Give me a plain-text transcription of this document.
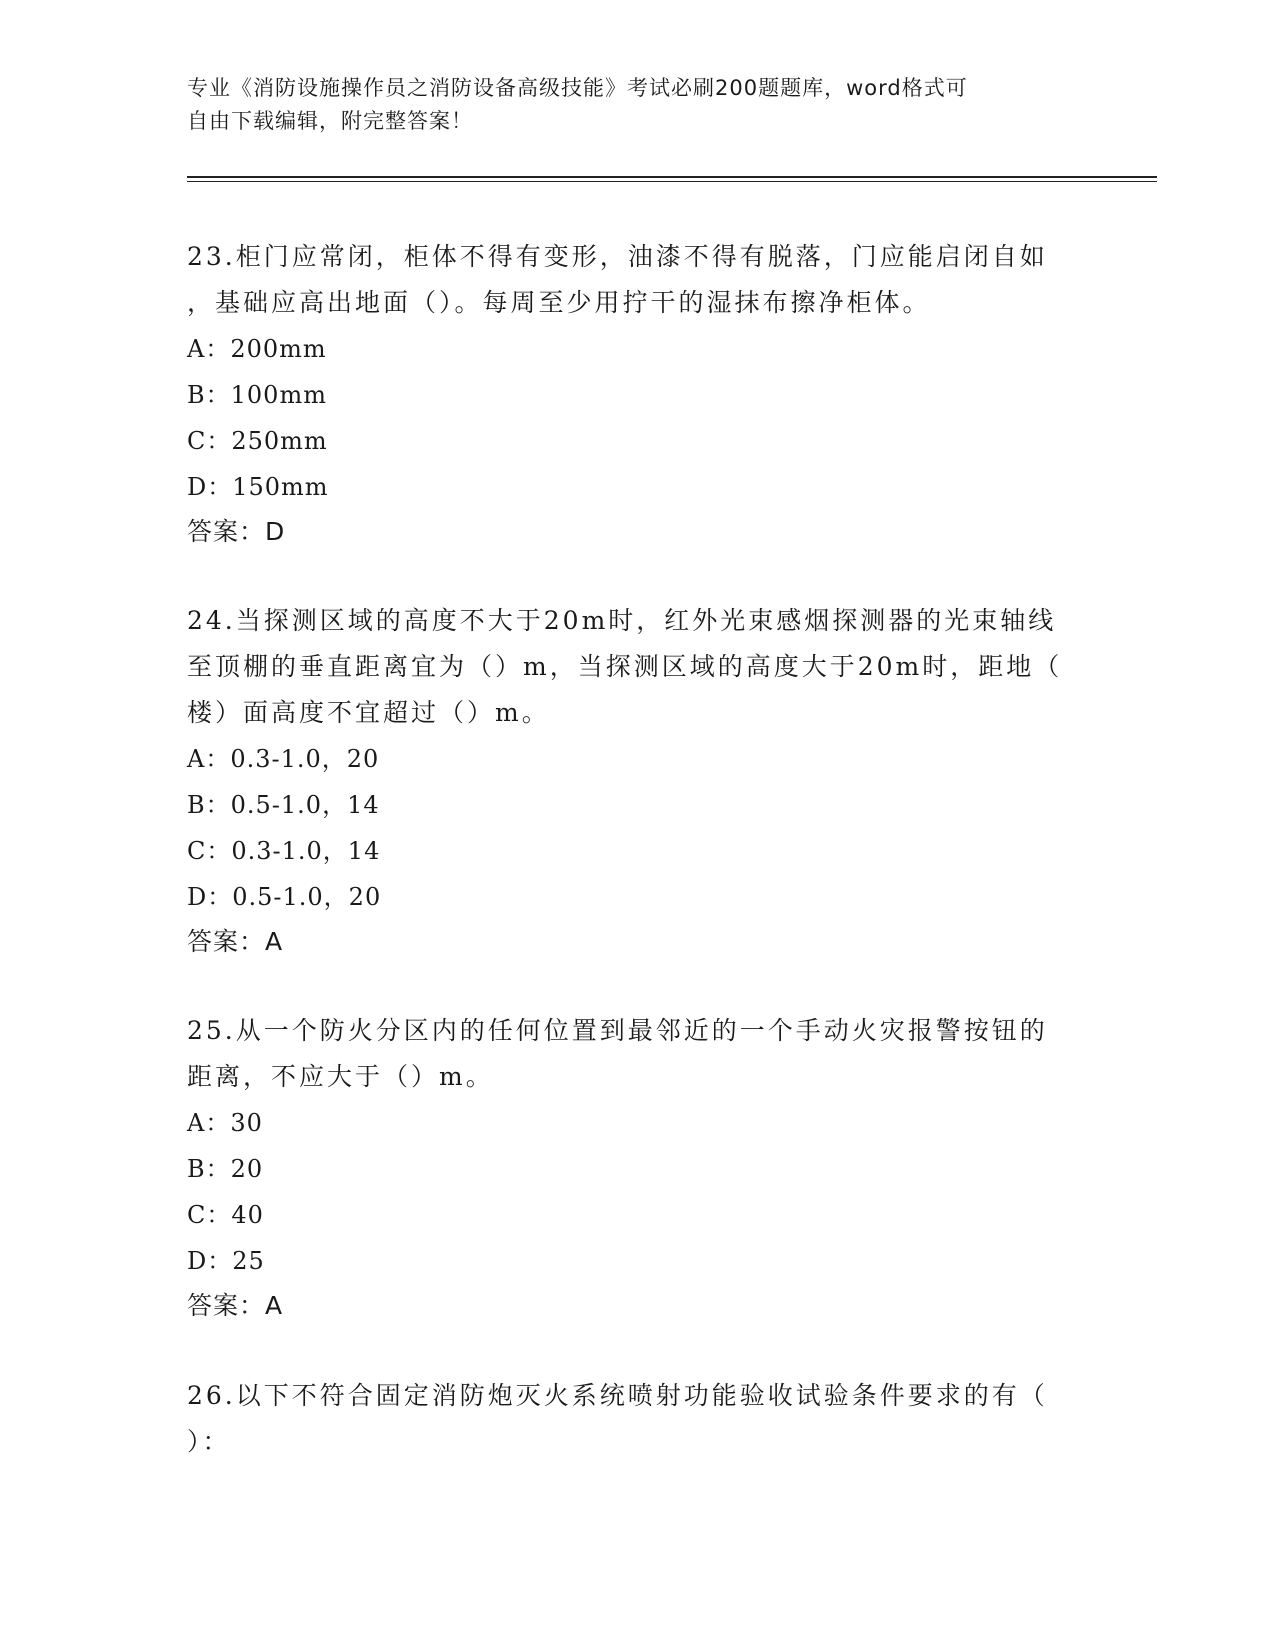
专业《消防设施操作员之消防设备高级技能》考试必刷200题题库，word格式可
自由下载编辑，附完整答案！

23.柜门应常闭，柜体不得有变形，油漆不得有脱落，门应能启闭自如

，基础应高出地面（）。每周至少用拧干的湿抹布擦净柜体。

A：200mm

B：100mm

C：250mm

D：150mm

答案：D

24.当探测区域的高度不大于20m时，红外光束感烟探测器的光束轴线

至顶棚的垂直距离宜为（）m，当探测区域的高度大于20m时，距地（

楼）面高度不宜超过（）m。

A：0.3-1.0，20

B：0.5-1.0，14

C：0.3-1.0，14

D：0.5-1.0，20

答案：A

25.从一个防火分区内的任何位置到最邻近的一个手动火灾报警按钮的

距离，不应大于（）m。

A：30

B：20

C：40

D：25

答案：A

26.以下不符合固定消防炮灭火系统喷射功能验收试验条件要求的有（

）：
